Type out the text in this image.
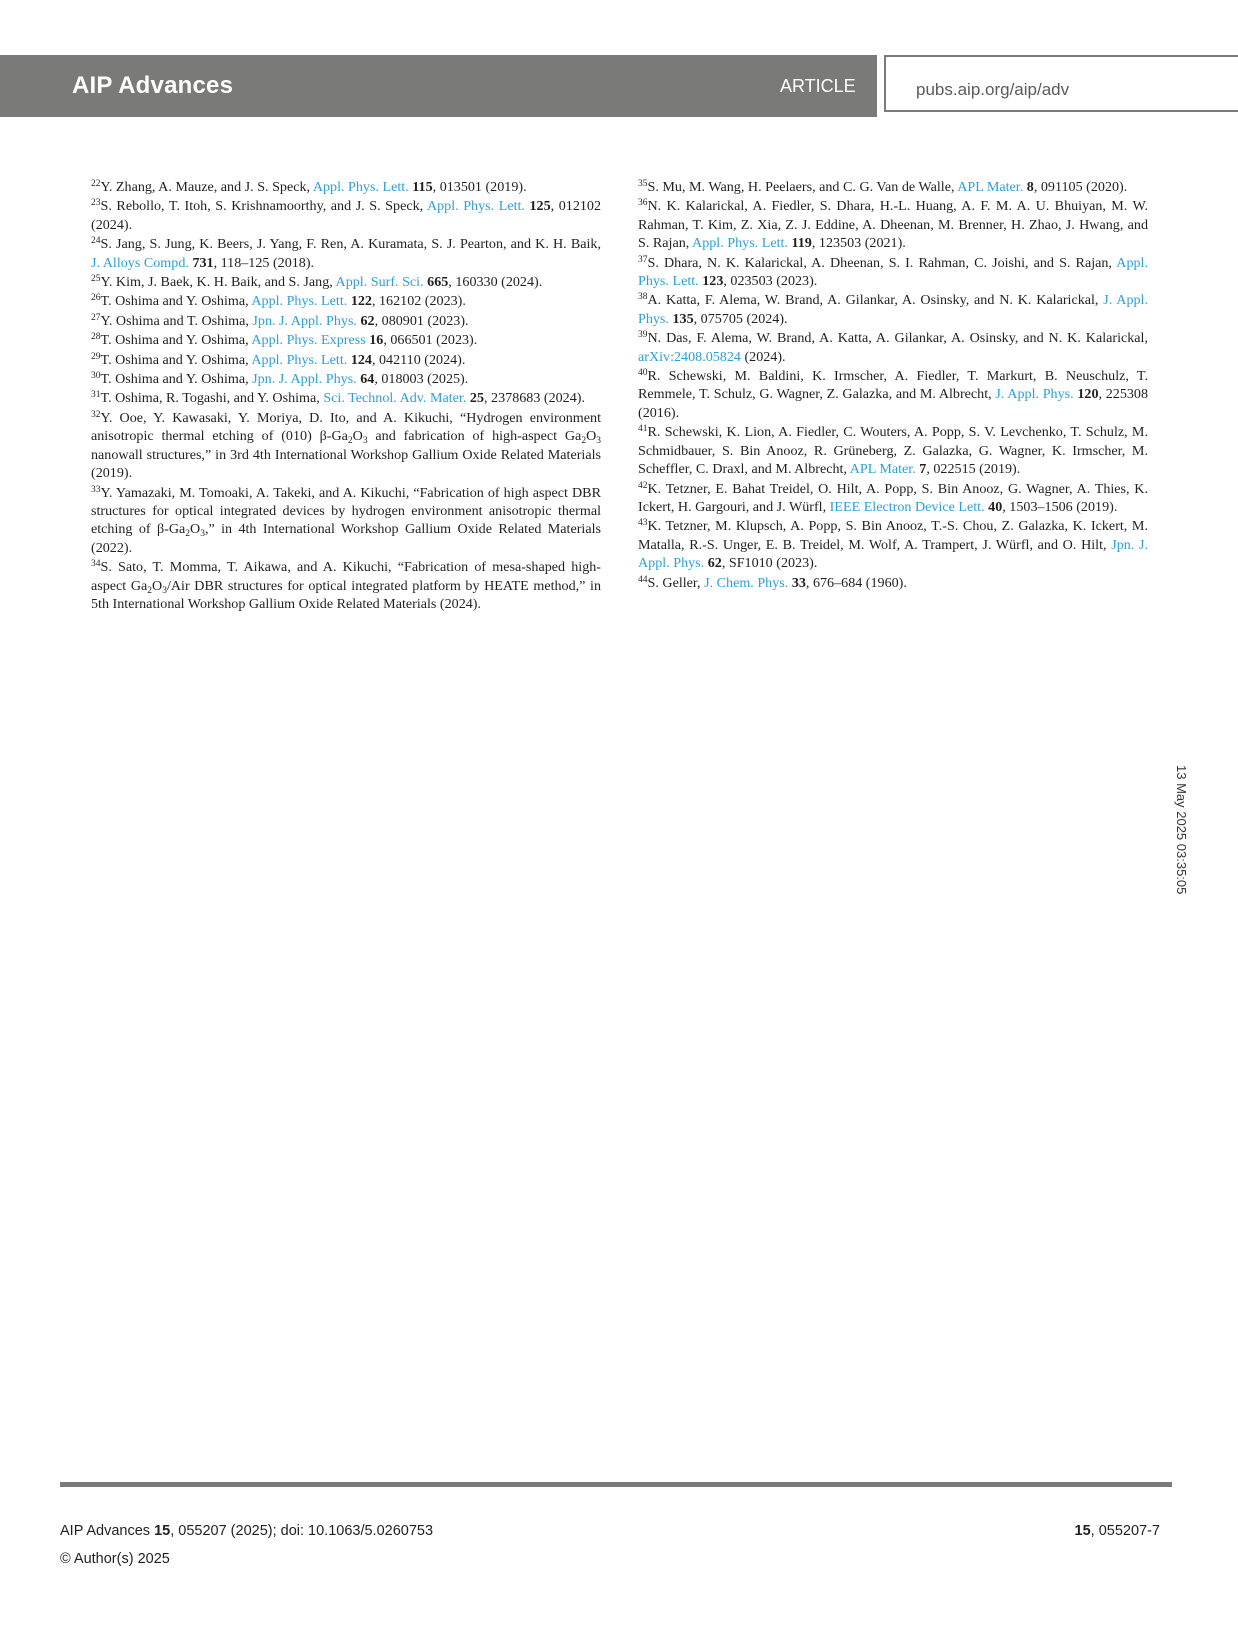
AIP Advances	ARTICLE	pubs.aip.org/aip/adv
$^{22}$Y. Zhang, A. Mauze, and J. S. Speck, Appl. Phys. Lett. 115, 013501 (2019).
$^{23}$S. Rebollo, T. Itoh, S. Krishnamoorthy, and J. S. Speck, Appl. Phys. Lett. 125, 012102 (2024).
$^{24}$S. Jang, S. Jung, K. Beers, J. Yang, F. Ren, A. Kuramata, S. J. Pearton, and K. H. Baik, J. Alloys Compd. 731, 118–125 (2018).
$^{25}$Y. Kim, J. Baek, K. H. Baik, and S. Jang, Appl. Surf. Sci. 665, 160330 (2024).
$^{26}$T. Oshima and Y. Oshima, Appl. Phys. Lett. 122, 162102 (2023).
$^{27}$Y. Oshima and T. Oshima, Jpn. J. Appl. Phys. 62, 080901 (2023).
$^{28}$T. Oshima and Y. Oshima, Appl. Phys. Express 16, 066501 (2023).
$^{29}$T. Oshima and Y. Oshima, Appl. Phys. Lett. 124, 042110 (2024).
$^{30}$T. Oshima and Y. Oshima, Jpn. J. Appl. Phys. 64, 018003 (2025).
$^{31}$T. Oshima, R. Togashi, and Y. Oshima, Sci. Technol. Adv. Mater. 25, 2378683 (2024).
$^{32}$Y. Ooe, Y. Kawasaki, Y. Moriya, D. Ito, and A. Kikuchi, “Hydrogen environment anisotropic thermal etching of (010) $\beta-Ga_2O_3$ and fabrication of high-aspect $Ga_2O_3$ nanowall structures,” in 3rd 4th International Workshop Gallium Oxide Related Materials (2019).
$^{33}$Y. Yamazaki, M. Tomoaki, A. Takeki, and A. Kikuchi, “Fabrication of high aspect DBR structures for optical integrated devices by hydrogen environment anisotropic thermal etching of $\beta-Ga_2O_3$,” in 4th International Workshop Gallium Oxide Related Materials (2022).
$^{34}$S. Sato, T. Momma, T. Aikawa, and A. Kikuchi, “Fabrication of mesa-shaped high-aspect $Ga_2O_3$/Air DBR structures for optical integrated platform by HEATE method,” in 5th International Workshop Gallium Oxide Related Materials (2024).
$^{35}$S. Mu, M. Wang, H. Peelaers, and C. G. Van de Walle, APL Mater. 8, 091105 (2020).
$^{36}$N. K. Kalarickal, A. Fiedler, S. Dhara, H.-L. Huang, A. F. M. A. U. Bhuiyan, M. W. Rahman, T. Kim, Z. Xia, Z. J. Eddine, A. Dheenan, M. Brenner, H. Zhao, J. Hwang, and S. Rajan, Appl. Phys. Lett. 119, 123503 (2021).
$^{37}$S. Dhara, N. K. Kalarickal, A. Dheenan, S. I. Rahman, C. Joishi, and S. Rajan, Appl. Phys. Lett. 123, 023503 (2023).
$^{38}$A. Katta, F. Alema, W. Brand, A. Gilankar, A. Osinsky, and N. K. Kalarickal, J. Appl. Phys. 135, 075705 (2024).
$^{39}$N. Das, F. Alema, W. Brand, A. Katta, A. Gilankar, A. Osinsky, and N. K. Kalarickal, arXiv:2408.05824 (2024).
$^{40}$R. Schewski, M. Baldini, K. Irmscher, A. Fiedler, T. Markurt, B. Neuschulz, T. Remmele, T. Schulz, G. Wagner, Z. Galazka, and M. Albrecht, J. Appl. Phys. 120, 225308 (2016).
$^{41}$R. Schewski, K. Lion, A. Fiedler, C. Wouters, A. Popp, S. V. Levchenko, T. Schulz, M. Schmidbauer, S. Bin Anooz, R. Grüneberg, Z. Galazka, G. Wagner, K. Irmscher, M. Scheffler, C. Draxl, and M. Albrecht, APL Mater. 7, 022515 (2019).
$^{42}$K. Tetzner, E. Bahat Treidel, O. Hilt, A. Popp, S. Bin Anooz, G. Wagner, A. Thies, K. Ickert, H. Gargouri, and J. Würfl, IEEE Electron Device Lett. 40, 1503–1506 (2019).
$^{43}$K. Tetzner, M. Klupsch, A. Popp, S. Bin Anooz, T.-S. Chou, Z. Galazka, K. Ickert, M. Matalla, R.-S. Unger, E. B. Treidel, M. Wolf, A. Trampert, J. Würfl, and O. Hilt, Jpn. J. Appl. Phys. 62, SF1010 (2023).
$^{44}$S. Geller, J. Chem. Phys. 33, 676–684 (1960).
13 May 2025 03:35:05
AIP Advances 15, 055207 (2025); doi: 10.1063/5.0260753
© Author(s) 2025
15, 055207-7
